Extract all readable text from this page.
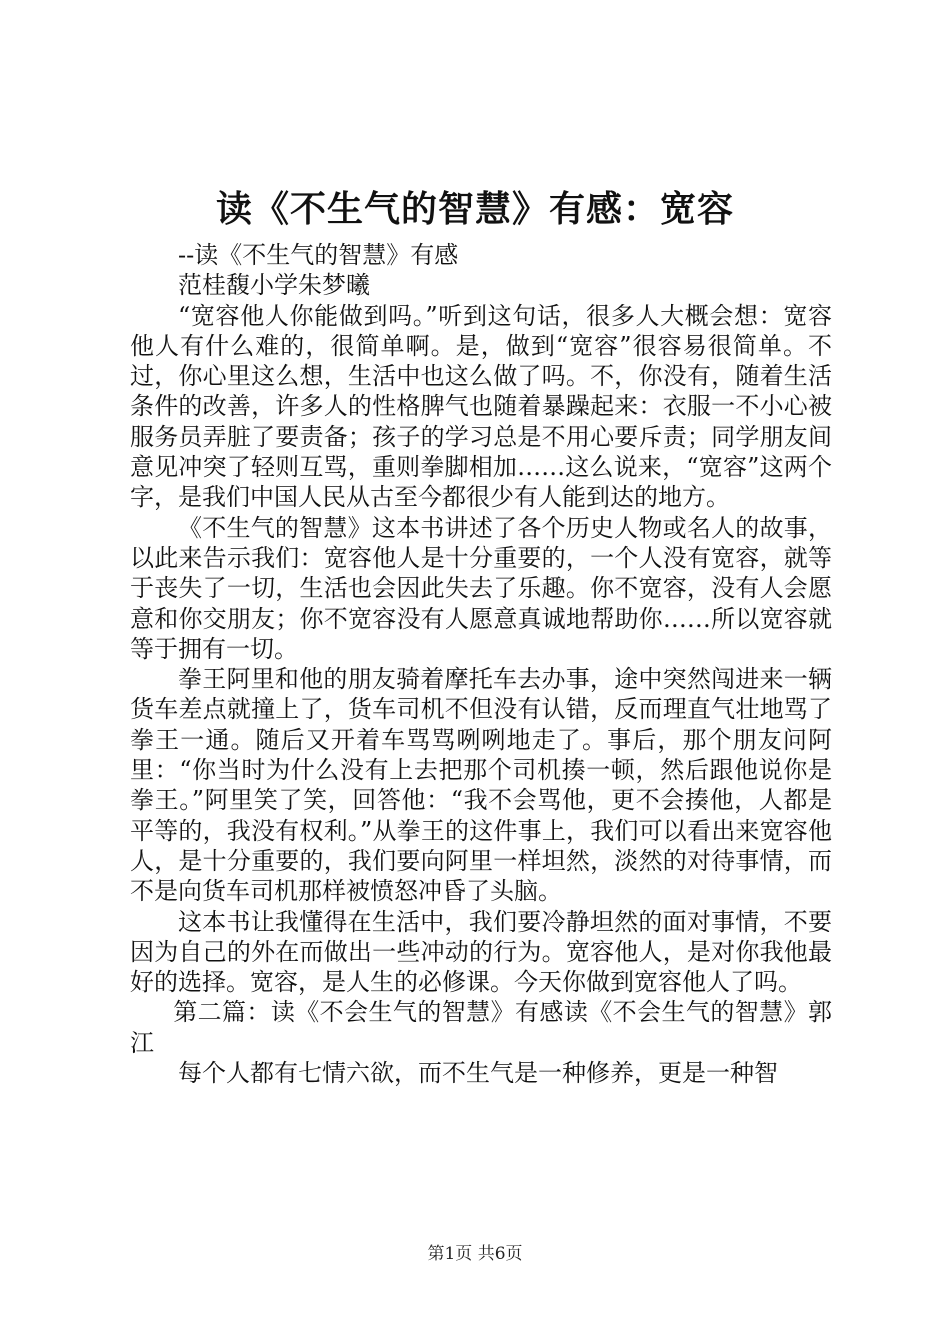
读《不生气的智慧》有感：宽容

--读《不生气的智慧》有感

范桂馥小学朱梦曦

“宽容他人你能做到吗。”听到这句话，很多人大概会想：宽容他人有什么难的，很简单啊。是，做到“宽容”很容易很简单。不过，你心里这么想，生活中也这么做了吗。不，你没有，随着生活条件的改善，许多人的性格脾气也随着暴躁起来：衣服一不小心被服务员弄脏了要责备；孩子的学习总是不用心要斥责；同学朋友间意见冲突了轻则互骂，重则拳脚相加……这么说来，“宽容”这两个字，是我们中国人民从古至今都很少有人能到达的地方。

《不生气的智慧》这本书讲述了各个历史人物或名人的故事，以此来告示我们：宽容他人是十分重要的，一个人没有宽容，就等于丧失了一切，生活也会因此失去了乐趣。你不宽容，没有人会愿意和你交朋友；你不宽容没有人愿意真诚地帮助你……所以宽容就等于拥有一切。

拳王阿里和他的朋友骑着摩托车去办事，途中突然闯进来一辆货车差点就撞上了，货车司机不但没有认错，反而理直气壮地骂了拳王一通。随后又开着车骂骂咧咧地走了。事后，那个朋友问阿里：“你当时为什么没有上去把那个司机揍一顿，然后跟他说你是拳王。”阿里笑了笑，回答他：“我不会骂他，更不会揍他，人都是平等的，我没有权利。”从拳王的这件事上，我们可以看出来宽容他人，是十分重要的，我们要向阿里一样坦然，淡然的对待事情，而不是向货车司机那样被愤怒冲昏了头脑。

这本书让我懂得在生活中，我们要冷静坦然的面对事情，不要因为自己的外在而做出一些冲动的行为。宽容他人，是对你我他最好的选择。宽容，是人生的必修课。今天你做到宽容他人了吗。

第二篇：读《不会生气的智慧》有感读《不会生气的智慧》郭江

每个人都有七情六欲，而不生气是一种修养，更是一种智

第1页 共6页
